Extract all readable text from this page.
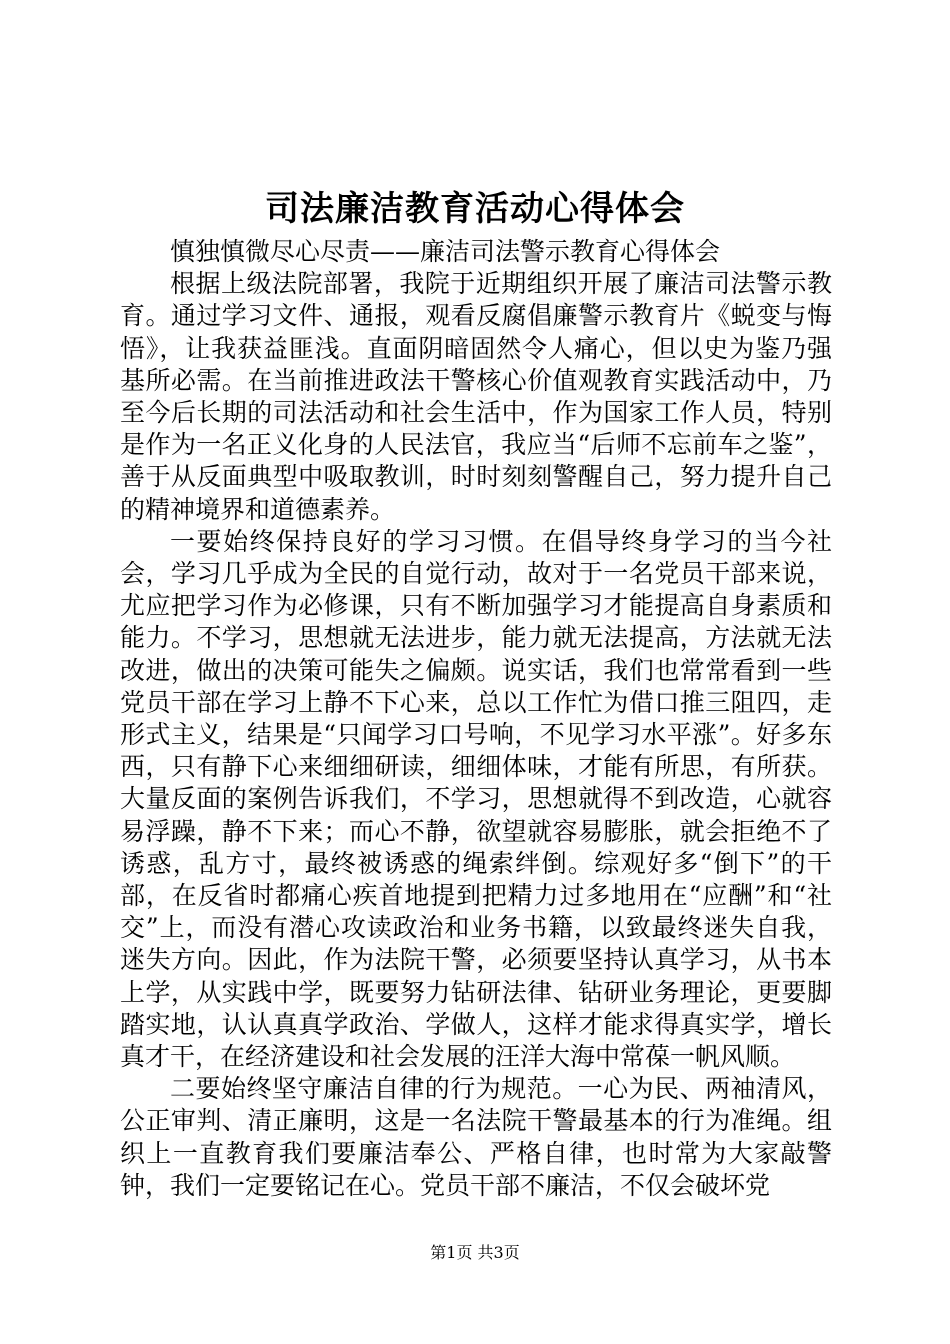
司法廉洁教育活动心得体会

慎独慎微尽心尽责——廉洁司法警示教育心得体会

根据上级法院部署，我院于近期组织开展了廉洁司法警示教育。通过学习文件、通报，观看反腐倡廉警示教育片《蜕变与悔悟》，让我获益匪浅。直面阴暗固然令人痛心，但以史为鉴乃强基所必需。在当前推进政法干警核心价值观教育实践活动中，乃至今后长期的司法活动和社会生活中，作为国家工作人员，特别是作为一名正义化身的人民法官，我应当“后师不忘前车之鉴”，善于从反面典型中吸取教训，时时刻刻警醒自己，努力提升自己的精神境界和道德素养。

一要始终保持良好的学习习惯。在倡导终身学习的当今社会，学习几乎成为全民的自觉行动，故对于一名党员干部来说，尤应把学习作为必修课，只有不断加强学习才能提高自身素质和能力。不学习，思想就无法进步，能力就无法提高，方法就无法改进，做出的决策可能失之偏颇。说实话，我们也常常看到一些党员干部在学习上静不下心来，总以工作忙为借口推三阻四，走形式主义，结果是“只闻学习口号响，不见学习水平涨”。好多东西，只有静下心来细细研读，细细体味，才能有所思，有所获。大量反面的案例告诉我们，不学习，思想就得不到改造，心就容易浮躁，静不下来；而心不静，欲望就容易膨胀，就会拒绝不了诱惑，乱方寸，最终被诱惑的绳索绊倒。综观好多“倒下”的干部，在反省时都痛心疾首地提到把精力过多地用在“应酬”和“社交”上，而没有潜心攻读政治和业务书籍，以致最终迷失自我，迷失方向。因此，作为法院干警，必须要坚持认真学习，从书本上学，从实践中学，既要努力钻研法律、钻研业务理论，更要脚踏实地，认认真真学政治、学做人，这样才能求得真实学，增长真才干，在经济建设和社会发展的汪洋大海中常葆一帆风顺。

二要始终坚守廉洁自律的行为规范。一心为民、两袖清风，公正审判、清正廉明，这是一名法院干警最基本的行为准绳。组织上一直教育我们要廉洁奉公、严格自律，也时常为大家敲警钟，我们一定要铭记在心。党员干部不廉洁，不仅会破坏党

第1页 共3页
